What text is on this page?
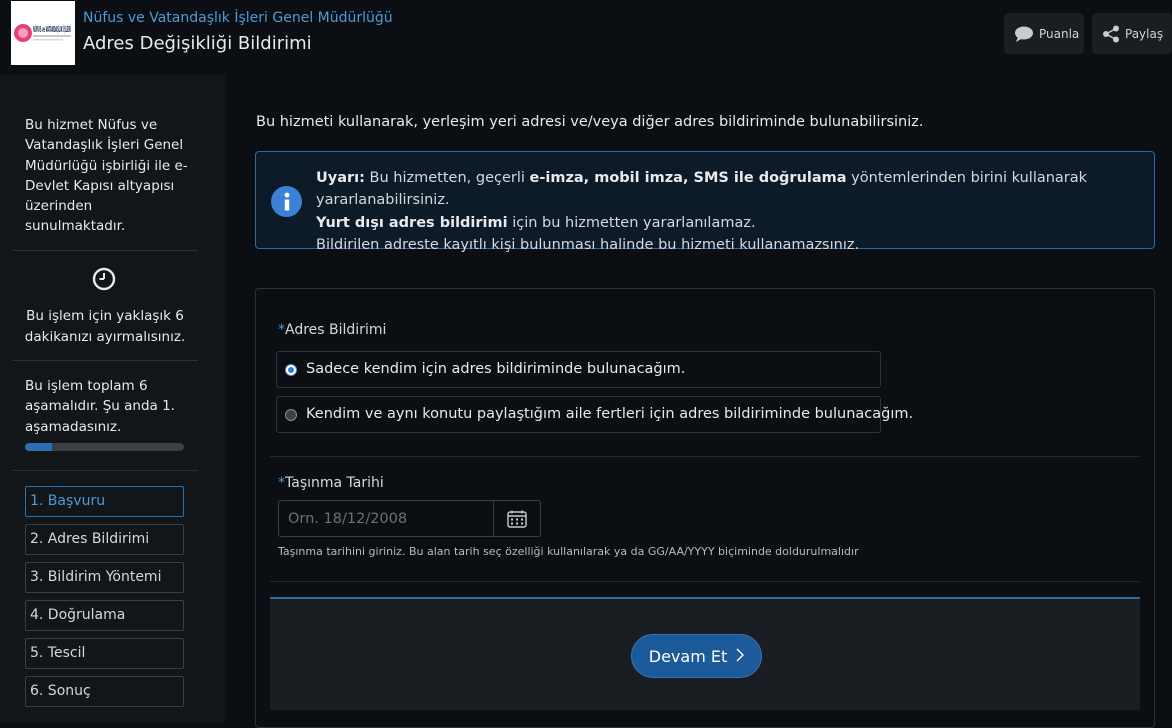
NÜFUS ve VATANDAŞLIK İŞLERİ
Nüfus ve Vatandaşlık İşleri Genel Müdürlüğü
Adres Değişikliği Bildirimi	Puanla	Paylaş
Bu hizmet Nüfus ve Vatandaşlık İşleri Genel Müdürlüğü işbirliği ile e-Devlet Kapısı altyapısı üzerinden sunulmaktadır.
Bu işlem için yaklaşık 6 dakikanızı ayırmalısınız.
Bu işlem toplam 6 aşamalıdır. Şu anda 1. aşamadasınız.
1. Başvuru
2. Adres Bildirimi
3. Bildirim Yöntemi
4. Doğrulama
5. Tescil
6. Sonuç
Bu hizmeti kullanarak, yerleşim yeri adresi ve/veya diğer adres bildiriminde bulunabilirsiniz.
Uyarı: Bu hizmetten, geçerli e-imza, mobil imza, SMS ile doğrulama yöntemlerinden birini kullanarak yararlanabilirsiniz.
Yurt dışı adres bildirimi için bu hizmetten yararlanılamaz.
Bildirilen adreste kayıtlı kişi bulunması halinde bu hizmeti kullanamazsınız.
*Adres Bildirimi
Sadece kendim için adres bildiriminde bulunacağım.
Kendim ve aynı konutu paylaştığım aile fertleri için adres bildiriminde bulunacağım.
*Taşınma Tarihi
Örn. 18/12/2008
Taşınma tarihini giriniz. Bu alan tarih seç özelliği kullanılarak ya da GG/AA/YYYY biçiminde doldurulmalıdır
Devam Et
